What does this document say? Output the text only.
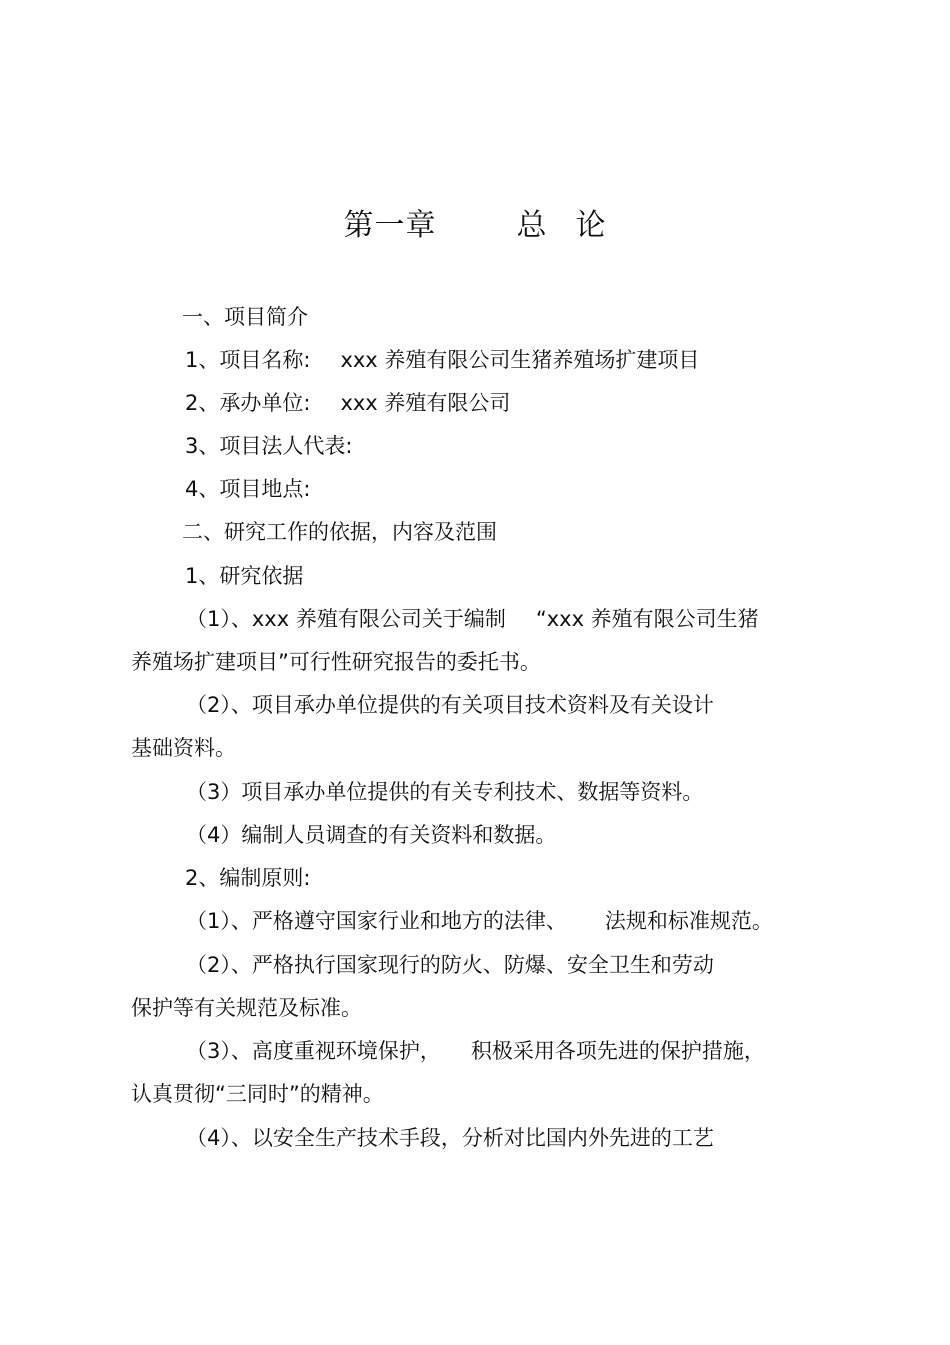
第一章	总 论
一、项目简介
1、项目名称: xxx 养殖有限公司生猪养殖场扩建项目
2、承办单位: xxx 养殖有限公司
3、项目法人代表:
4、项目地点:
二、研究工作的依据，内容及范围
1、研究依据
（1）、xxx 养殖有限公司关于编制 “xxx 养殖有限公司生猪
养殖场扩建项目”可行性研究报告的委托书。
（2）、项目承办单位提供的有关项目技术资料及有关设计
基础资料。
（3）项目承办单位提供的有关专利技术、数据等资料。
（4）编制人员调查的有关资料和数据。
2、编制原则:
（1）、严格遵守国家行业和地方的法律、 法规和标准规范。
（2）、严格执行国家现行的防火、防爆、安全卫生和劳动
保护等有关规范及标准。
（3）、高度重视环境保护， 积极采用各项先进的保护措施，
认真贯彻“三同时”的精神。
（4）、以安全生产技术手段，分析对比国内外先进的工艺
